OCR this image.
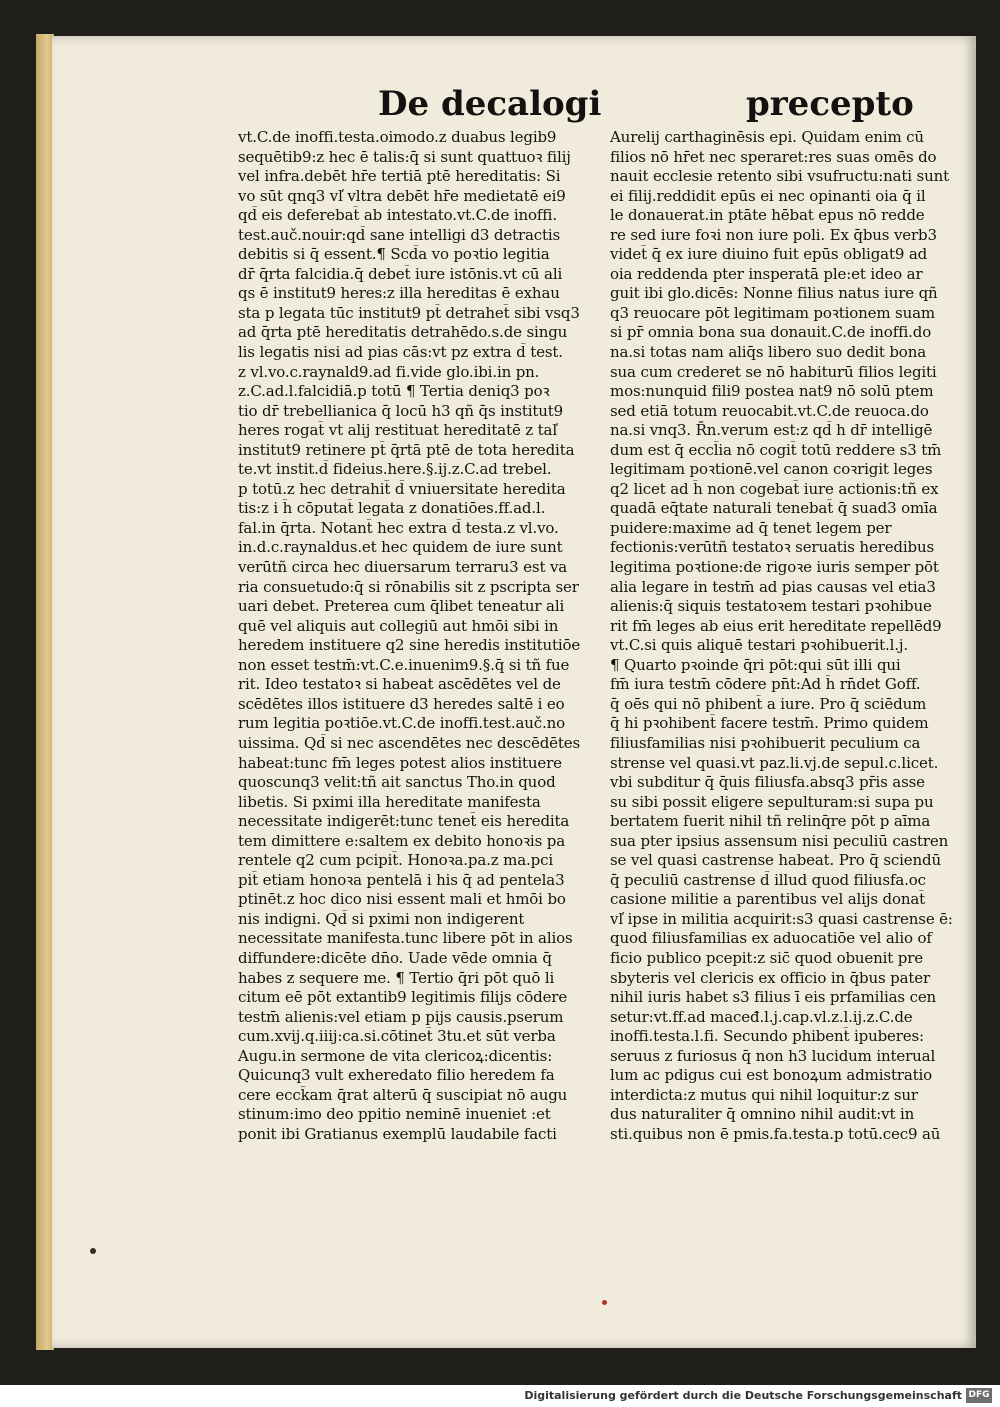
De decalogi	precepto
vt.C.de inoffi.testa.oimodo.z duabus legib9
sequētib9:z hec ē talis:q̄ si sunt quattuoꝛ filij
vel infra.debēt hr̄e tertiā ptē hereditatis: Si
vo sūt qnq3 vl̕ vltra debēt hr̄e medietatē ei9
qd̄ eis deferebat̄ ab intestato.vt.C.de inoffi.
test.auč.nouir:qd̄ sane intelligi d3 detractis
debitis si q̄ essent.¶ Scd̄a vo poꝛtio legitia
dr̄ q̄rta falcidia.q̄ debet̄ iure istōnis.vt cū ali
qs ē institut9 heres:z illa hereditas ē exhau
sta p legata tūc institut9 pt̄ detrahet̄ sibi vsq3
ad q̄rta ptē hereditatis detrahēdo.s.de singu
lis legatis nisi ad pias cās:vt pz extra d̄ test.
z vl.vo.c.raynald9.ad fi.vide glo.ibi.in pn.
z.C.ad.l.falcidiā.p totū ¶ Tertia deniq3 poꝛ
tio dr̄ trebellianica q̄ locū h3 qñ q̄s institut9
heres rogat̄ vt alij restituat hereditatē z tal̕
institut9 retinere pt̄ q̄rtā ptē de tota heredita
te.vt instit.d̄ fideius.here.§.ij.z.C.ad trebel.
p totū.z hec detrahit̄ d̄ vniuersitate heredita
tis:z i h̄ cōputat̄ legata z donatiōes.ff.ad.l.
fal.in q̄rta. Notant̄ hec extra d̄ testa.z vl.vo.
in.d.c.raynaldus.et hec quidem de iure sunt
verūtñ circa hec diuersarum terraru3 est va
ria consuetudo:q̄ si rōnabilis sit z pscripta ser
uari debet. Preterea cum q̄libet teneatur ali
quē vel aliquis aut collegiū aut hmōi sibi in
heredem instituere q2 sine heredis institutiōe
non esset testm̄:vt.C.e.inuenim9.§.q̄ si tñ fue
rit. Ideo testatoꝛ si habeat ascēdētes vel de
scēdētes illos istituere d3 heredes saltē i eo
rum legitia poꝛtiōe.vt.C.de inoffi.test.auč.no
uissima. Qd̄ si nec ascendētes nec descēdētes
habeat:tunc fm̄ leges potest alios instituere
quoscunq3 velit:tñ ait sanctus Tho.in quod
libetis. Si pximi illa hereditate manifesta
necessitate indigerēt:tunc tenet̄ eis heredita
tem dimittere e:saltem ex debito honoꝛis pa
rentele q2 cum pcipit̄. Honoꝛa.pa.z ma.pci
pit̄ etiam honoꝛa pentelā i his q̄ ad pentela3
ptinēt.z hoc dico nisi essent mali et hmōi bo
nis indigni. Qd̄ si pximi non indigerent
necessitate manifesta.tunc libere pōt in alios
diffundere:dicēte dn̄o. Uade vēde omnia q̄
habes z sequere me. ¶ Tertio q̄ri pōt quō li
citum eē pōt extantib9 legitimis filijs cōdere
testm̄ alienis:vel etiam p pijs causis.pserum
cum.xvij.q.iiij:ca.si.cōtinet̄ 3tu.et sūt verba
Augu.in sermone de vita clericoꝝ:dicentis:
Quicunq3 vult exheredato filio heredem fa
cere ecck̄am q̄rat alterū q̄ suscipiat nō augu
stinum:imo deo ppitio neminē inueniet :et
ponit ibi Gratianus exemplū laudabile facti
Aurelij carthaginēsis epi. Quidam enim cū
filios nō hr̄et nec speraret:res suas omēs do
nauit ecclesie retento sibi vsufructu:nati sunt
ei filij.reddidit epūs ei nec opinanti oia q̄ il
le donauerat.in ptāte hēbat epus nō redde
re sed iure foꝛi non iure poli. Ex q̄bus verb3
videt̄ q̄ ex iure diuino fuit epūs obligat9 ad
oia reddenda pter insperatā ple:et ideo ar
guit ibi glo.dicēs: Nonne filius natus iure qñ
q3 reuocare pōt legitimam poꝛtionem suam
si pr̄ omnia bona sua donauit.C.de inoffi.do
na.si totas nam aliq̄s libero suo dedit bona
sua cum crederet se nō habiturū filios legiti
mos:nunquid fili9 postea nat9 nō solū ptem
sed etiā totum reuocabit.vt.C.de reuoca.do
na.si vnq3. R̄n.verum est:z qd̄ h dr̄ intelligē
dum est q̄ eccl̄ia nō cogit̄ totū reddere s3 tm̄
legitimam poꝛtionē.vel canon coꝛrigit leges
q2 licet ad h̄ non cogebat̄ iure actionis:tñ ex
quadā eq̄tate naturali tenebat̄ q̄ suad3 omīa
puidere:maxime ad q̄ tenet legem per
fectionis:verūtñ testatoꝛ seruatis heredibus
legitima poꝛtione:de rigoꝛe iuris semper pōt
alia legare in testm̄ ad pias causas vel etia3
alienis:q̄ siquis testatoꝛem testari pꝛohibue
rit fm̄ leges ab eius erit hereditate repellēd9
vt.C.si quis aliquē testari pꝛohibuerit.l.j.
¶ Quarto pꝛoinde q̄ri pōt:qui sūt illi qui
fm̄ iura testm̄ cōdere pn̄t:Ad h̄ rn̄det Goff.
q̄ oēs qui nō phibent̄ a iure. Pro q̄ sciēdum
q̄ hi pꝛohibent̄ facere testm̄. Primo quidem
filiusfamilias nisi pꝛohibuerit peculium ca
strense vel quasi.vt paz.li.vj.de sepul.c.licet.
vbi subditur q̄ q̄uis filiusfa.absq3 pr̄is asse
su sibi possit eligere sepulturam:si supa pu
bertatem fuerit nihil tñ relinq̄re pōt p aīma
sua pter ipsius assensum nisi peculiū castren
se vel quasi castrense habeat. Pro q̄ sciendū
q̄ peculiū castrense d̄ illud quod filiusfa.oc
casione militie a parentibus vel alijs donat̄
vl̕ ipse in militia acquirit:s3 quasi castrense ē:
quod filiusfamilias ex aduocatiōe vel alio of
ficio publico pcepit:z sic̄ quod obuenit pre
sbyteris vel clericis ex officio in q̄bus pater
nihil iuris habet s3 filius ī eis prfamilias cen
setur:vt.ff.ad maceđ.l.j.cap.vl.z.l.ij.z.C.de
inoffi.testa.l.fi. Secundo phibent̄ ipuberes:
seruus z furiosus q̄ non h3 lucidum interual
lum ac pdigus cui est bonoꝝum admistratio
interdicta:z mutus qui nihil loquitur:z sur
dus naturaliter q̄ omnino nihil audit:vt in
sti.quibus non ē pmis.fa.testa.p totū.cec9 aū
Digitalisierung gefördert durch die Deutsche Forschungsgemeinschaft DFG
